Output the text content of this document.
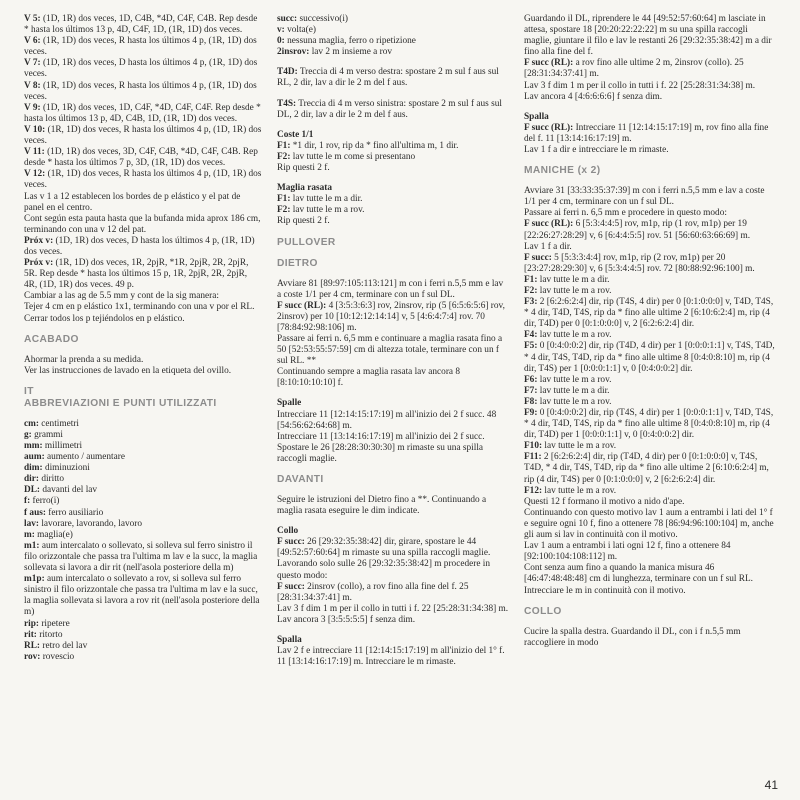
V 5: (1D, 1R) dos veces, 1D, C4B, *4D, C4F, C4B. Rep desde * hasta los últimos 13 p, 4D, C4F, 1D, (1R, 1D) dos veces.

V 6: (1R, 1D) dos veces, R hasta los últimos 4 p, (1R, 1D) dos veces.

V 7: (1D, 1R) dos veces, D hasta los últimos 4 p, (1R, 1D) dos veces.

V 8: (1R, 1D) dos veces, R hasta los últimos 4 p, (1R, 1D) dos veces.

V 9: (1D, 1R) dos veces, 1D, C4F, *4D, C4F, C4F. Rep desde * hasta los últimos 13 p, 4D, C4B, 1D, (1R, 1D) dos veces.

V 10: (1R, 1D) dos veces, R hasta los últimos 4 p, (1D, 1R) dos veces.

V 11: (1D, 1R) dos veces, 3D, C4F, C4B, *4D, C4F, C4B. Rep desde * hasta los últimos 7 p, 3D, (1R, 1D) dos veces.

V 12: (1R, 1D) dos veces, R hasta los últimos 4 p, (1D, 1R) dos veces.

Las v 1 a 12 establecen los bordes de p elástico y el pat de panel en el centro.

Cont según esta pauta hasta que la bufanda mida aprox 186 cm, terminando con una v 12 del pat.

Próx v: (1D, 1R) dos veces, D hasta los últimos 4 p, (1R, 1D) dos veces.

Próx v: (1R, 1D) dos veces, 1R, 2pjR, *1R, 2pjR, 2R, 2pjR, 5R. Rep desde * hasta los últimos 15 p, 1R, 2pjR, 2R, 2pjR, 4R, (1D, 1R) dos veces. 49 p.

Cambiar a las ag de 5.5 mm y cont de la sig manera:

Tejer 4 cm en p elástico 1x1, terminando con una v por el RL.

Cerrar todos los p tejiéndolos en p elástico.

ACABADO

Ahormar la prenda a su medida.

Ver las instrucciones de lavado en la etiqueta del ovillo.

IT

ABBREVIAZIONI E PUNTI UTILIZZATI

cm: centimetri

g: grammi

mm: millimetri

aum: aumento / aumentare

dim: diminuzioni

dir: diritto

DL: davanti del lav

f: ferro(i)

f aus: ferro ausiliario

lav: lavorare, lavorando, lavoro

m: maglia(e)

m1: aum intercalato o sollevato, si solleva sul ferro sinistro il filo orizzontale che passa tra l'ultima m lav e la succ, la maglia sollevata si lavora a dir rit (nell'asola posteriore della m)

m1p: aum intercalato o sollevato a rov, si solleva sul ferro sinistro il filo orizzontale che passa tra l'ultima m lav e la succ, la maglia sollevata si lavora a rov rit (nell'asola posteriore della m)

rip: ripetere

rit: ritorto

RL: retro del lav

rov: rovescio

succ: successivo(i)

v: volta(e)

0: nessuna maglia, ferro o ripetizione

2insrov: lav 2 m insieme a rov

T4D: Treccia di 4 m verso destra: spostare 2 m sul f aus sul RL, 2 dir, lav a dir le 2 m del f aus.

T4S: Treccia di 4 m verso sinistra: spostare 2 m sul f aus sul DL, 2 dir, lav a dir le 2 m del f aus.

Coste 1/1

F1: *1 dir, 1 rov, rip da * fino all'ultima m, 1 dir.

F2: lav tutte le m come si presentano

Rip questi 2 f.

Maglia rasata

F1: lav tutte le m a dir.

F2: lav tutte le m a rov.

Rip questi 2 f.

PULLOVER

DIETRO

Avviare 81 [89:97:105:113:121] m con i ferri n.5,5 mm e lav a coste 1/1 per 4 cm, terminare con un f sul DL.

F succ (RL): 4 [3:5:3:6:3] rov, 2insrov, rip (5 [6:5:6:5:6] rov, 2insrov) per 10 [10:12:12:14:14] v, 5 [4:6:4:7:4] rov. 70 [78:84:92:98:106] m.

Passare ai ferri n. 6,5 mm e continuare a maglia rasata fino a 50 [52:53:55:57:59] cm di altezza totale, terminare con un f sul RL. **

Continuando sempre a maglia rasata lav ancora 8 [8:10:10:10:10] f.

Spalle

Intrecciare 11 [12:14:15:17:19] m all'inizio dei 2 f succ. 48 [54:56:62:64:68] m.

Intrecciare 11 [13:14:16:17:19] m all'inizio dei 2 f succ.

Spostare le 26 [28:28:30:30:30] m rimaste su una spilla raccogli maglie.

DAVANTI

Seguire le istruzioni del Dietro fino a **. Continuando a maglia rasata eseguire le dim indicate.

Collo

F succ: 26 [29:32:35:38:42] dir, girare, spostare le 44 [49:52:57:60:64] m rimaste su una spilla raccogli maglie.

Lavorando solo sulle 26 [29:32:35:38:42] m procedere in questo modo:

F succ: 2insrov (collo), a rov fino alla fine del f. 25 [28:31:34:37:41] m.

Lav 3 f dim 1 m per il collo in tutti i f. 22 [25:28:31:34:38] m.

Lav ancora 3 [3:5:5:5:5] f senza dim.

Spalla

Lav 2 f e intrecciare 11 [12:14:15:17:19] m all'inizio del 1° f. 11 [13:14:16:17:19] m. Intrecciare le m rimaste.

Guardando il DL, riprendere le 44 [49:52:57:60:64] m lasciate in attesa, spostare 18 [20:20:22:22:22] m su una spilla raccogli maglie, giuntare il filo e lav le restanti 26 [29:32:35:38:42] m a dir fino alla fine del f.

F succ (RL): a rov fino alle ultime 2 m, 2insrov (collo). 25 [28:31:34:37:41] m.

Lav 3 f dim 1 m per il collo in tutti i f. 22 [25:28:31:34:38] m.

Lav ancora 4 [4:6:6:6:6] f senza dim.

Spalla

F succ (RL): Intrecciare 11 [12:14:15:17:19] m, rov fino alla fine del f. 11 [13:14:16:17:19] m.

Lav 1 f a dir e intrecciare le m rimaste.

MANICHE (x 2)

Avviare 31 [33:33:35:37:39] m con i ferri n.5,5 mm e lav a coste 1/1 per 4 cm, terminare con un f sul DL.

Passare ai ferri n. 6,5 mm e procedere in questo modo:

F succ (RL): 6 [5:3:4:4:5] rov, m1p, rip (1 rov, m1p) per 19 [22:26:27:28:29] v, 6 [6:4:4:5:5] rov. 51 [56:60:63:66:69] m.

Lav 1 f a dir.

F succ: 5 [5:3:3:4:4] rov, m1p, rip (2 rov, m1p) per 20 [23:27:28:29:30] v, 6 [5:3:4:4:5] rov. 72 [80:88:92:96:100] m.

F1: lav tutte le m a dir.

F2: lav tutte le m a rov.

F3: 2 [6:2:6:2:4] dir, rip (T4S, 4 dir) per 0 [0:1:0:0:0] v, T4D, T4S, * 4 dir, T4D, T4S, rip da * fino alle ultime 2 [6:10:6:2:4] m, rip (4 dir, T4D) per 0 [0:1:0:0:0] v, 2 [6:2:6:2:4] dir.

F4: lav tutte le m a rov.

F5: 0 [0:4:0:0:2] dir, rip (T4D, 4 dir) per 1 [0:0:0:1:1] v, T4S, T4D, * 4 dir, T4S, T4D, rip da * fino alle ultime 8 [0:4:0:8:10] m, rip (4 dir, T4S) per 1 [0:0:0:1:1] v, 0 [0:4:0:0:2] dir.

F6: lav tutte le m a rov.

F7: lav tutte le m a dir.

F8: lav tutte le m a rov.

F9: 0 [0:4:0:0:2] dir, rip (T4S, 4 dir) per 1 [0:0:0:1:1] v, T4D, T4S, * 4 dir, T4D, T4S, rip da * fino alle ultime 8 [0:4:0:8:10] m, rip (4 dir, T4D) per 1 [0:0:0:1:1] v, 0 [0:4:0:0:2] dir.

F10: lav tutte le m a rov.

F11: 2 [6:2:6:2:4] dir, rip (T4D, 4 dir) per 0 [0:1:0:0:0] v, T4S, T4D, * 4 dir, T4S, T4D, rip da * fino alle ultime 2 [6:10:6:2:4] m, rip (4 dir, T4S) per 0 [0:1:0:0:0] v, 2 [6:2:6:2:4] dir.

F12: lav tutte le m a rov.

Questi 12 f formano il motivo a nido d'ape.

Continuando con questo motivo lav 1 aum a entrambi i lati del 1° f e seguire ogni 10 f, fino a ottenere 78 [86:94:96:100:104] m, anche gli aum si lav in continuità con il motivo.

Lav 1 aum a entrambi i lati ogni 12 f, fino a ottenere 84 [92:100:104:108:112] m.

Cont senza aum fino a quando la manica misura 46 [46:47:48:48:48] cm di lunghezza, terminare con un f sul RL.

Intrecciare le m in continuità con il motivo.

COLLO

Cucire la spalla destra. Guardando il DL, con i f n.5,5 mm raccogliere in modo

41
